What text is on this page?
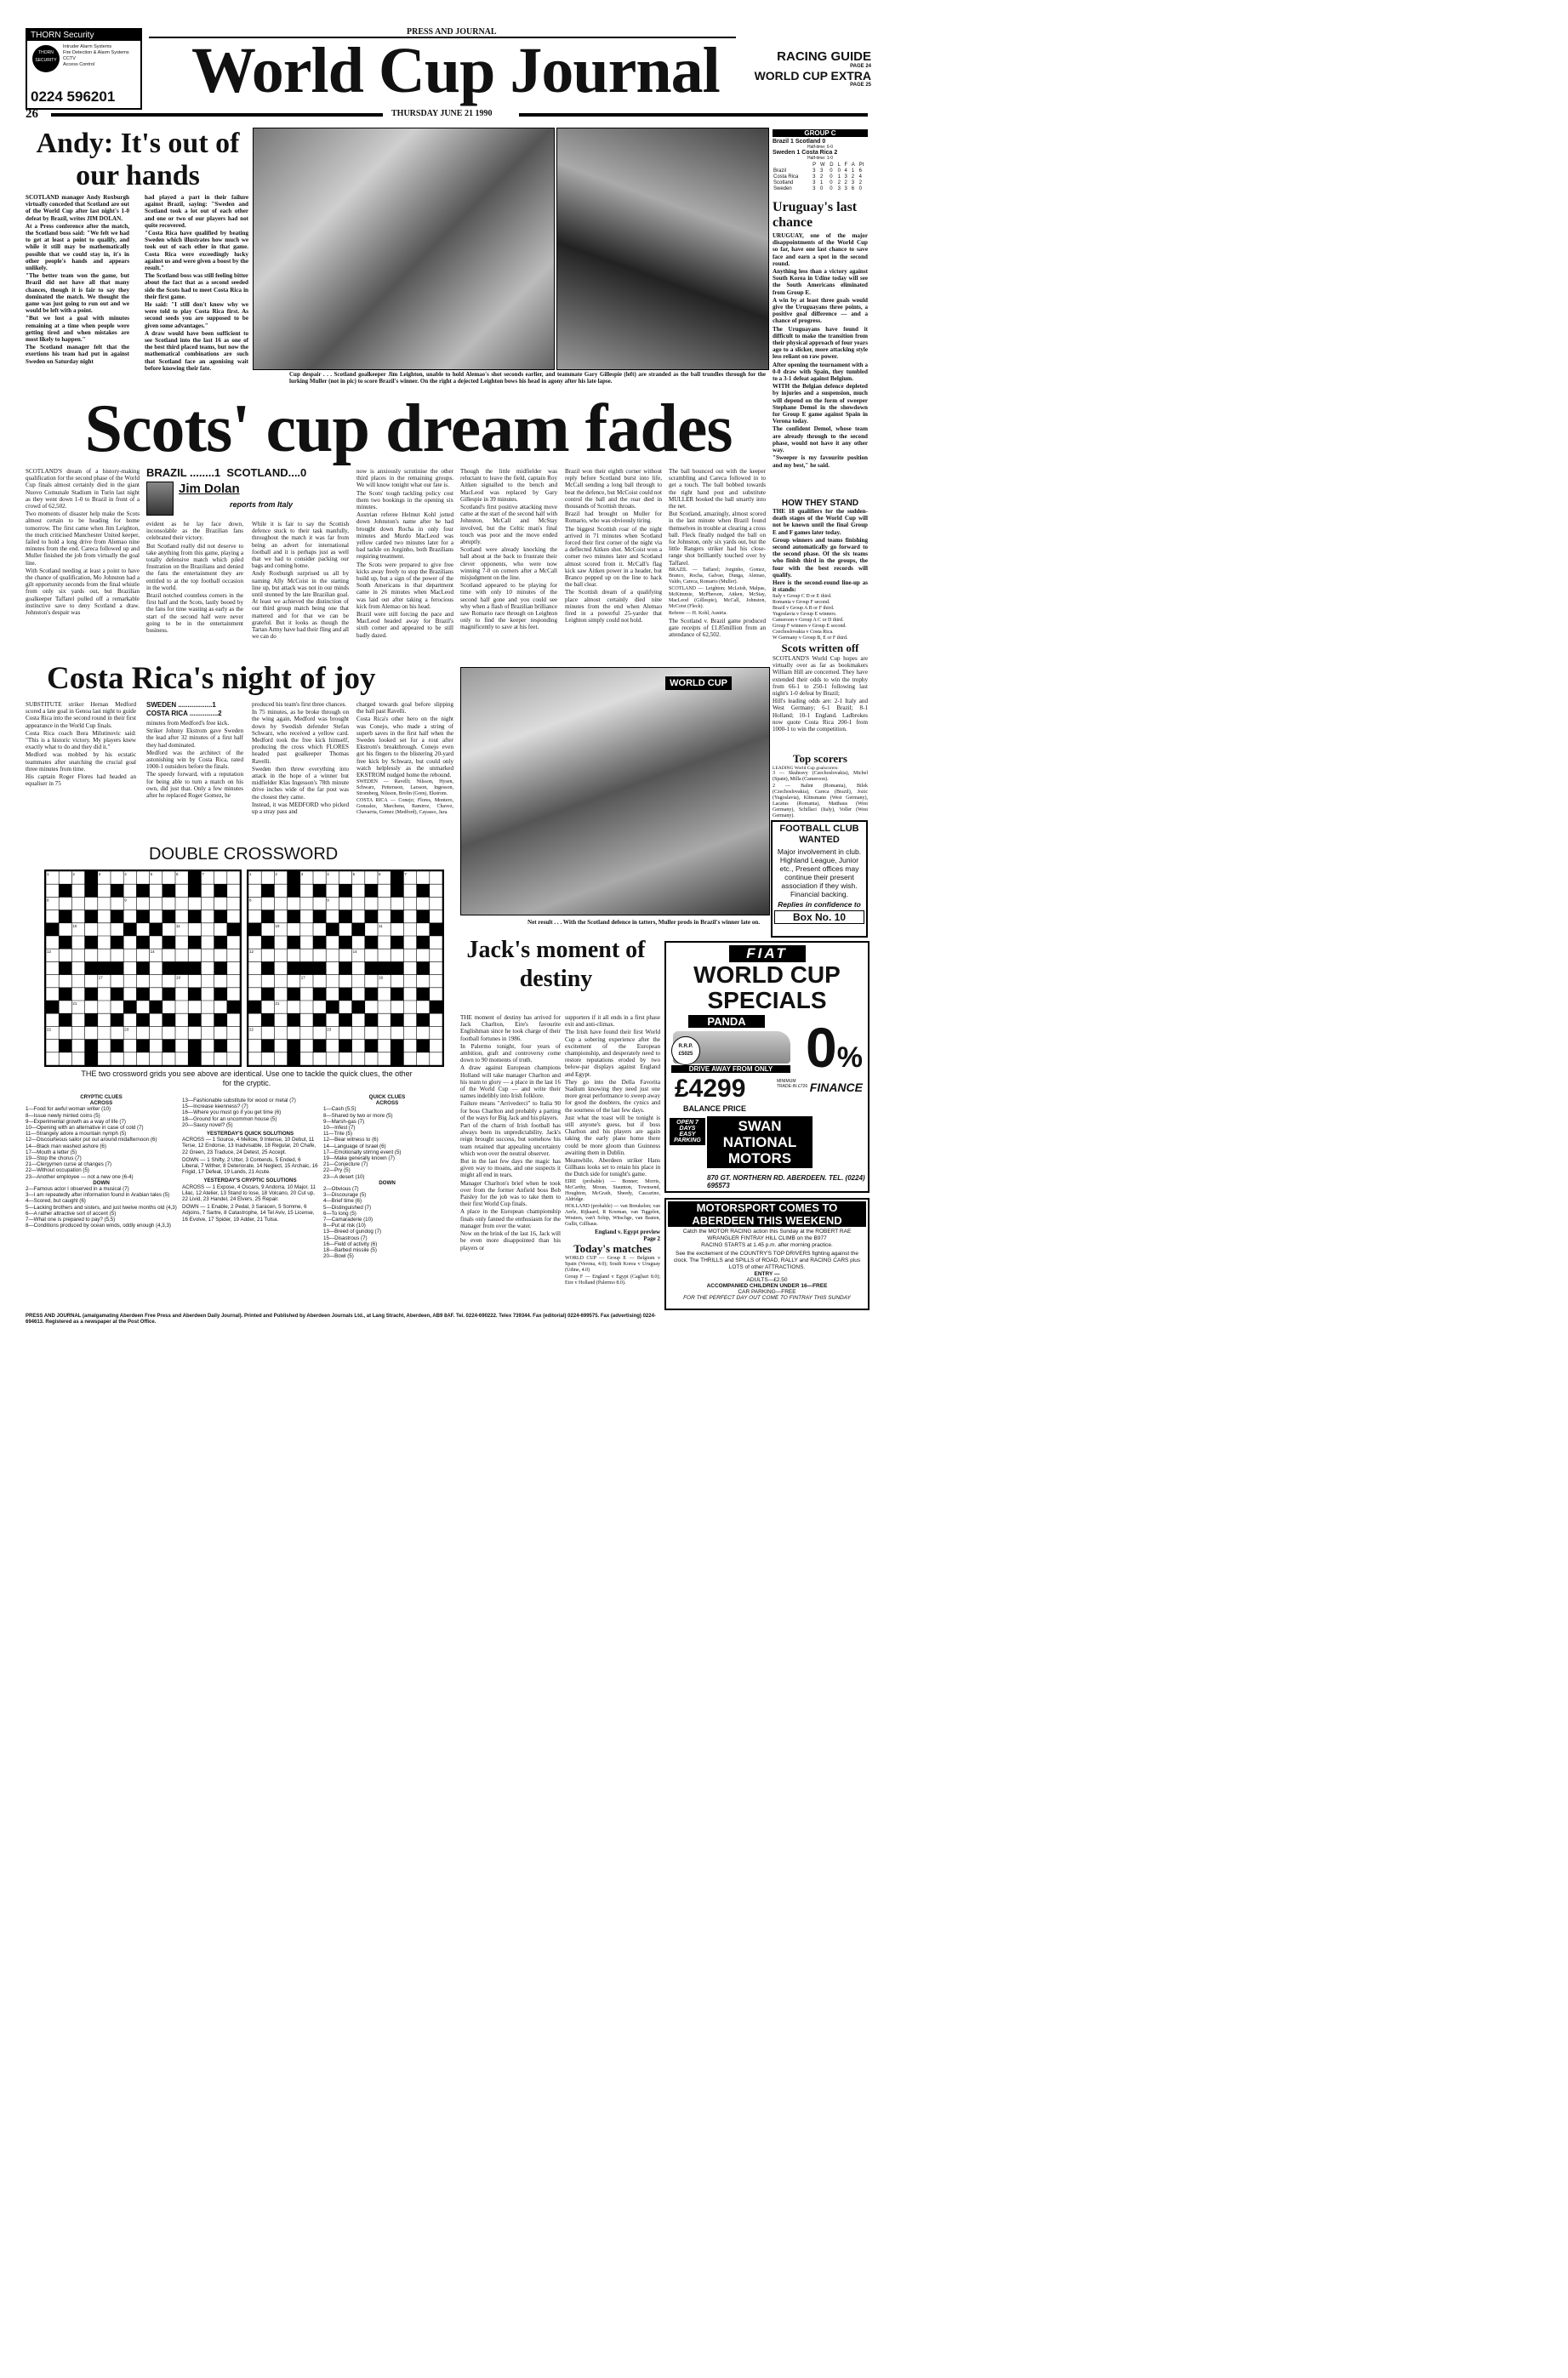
THORN Security
THORN SECURITY
Intruder Alarm Systems
Fire Detection & Alarm Systems
CCTV
Access Control
0224 596201
PRESS AND JOURNAL
World Cup Journal	RACING GUIDE
PAGE 24
WORLD CUP EXTRA
PAGE 25
26	THURSDAY JUNE 21 1990
Andy: It's out of our hands

SCOTLAND manager Andy Roxburgh virtually conceded that Scotland are out of the World Cup after last night's 1-0 defeat by Brazil, writes JIM DOLAN.

At a Press conference after the match, the Scotland boss said: "We felt we had to get at least a point to qualify, and while it still may be mathematically possible that we could stay in, it's in other people's hands and appears unlikely.

"The better team won the game, but Brazil did not have all that many chances, though it is fair to say they dominated the match. We thought the game was just going to run out and we would be left with a point.

"But we lost a goal with minutes remaining at a time when people were getting tired and when mistakes are most likely to happen."

The Scotland manager felt that the exertions his team had put in against Sweden on Saturday night

had played a part in their failure against Brazil, saying: "Sweden and Scotland took a lot out of each other and one or two of our players had not quite recovered.

"Costa Rica have qualified by beating Sweden which illustrates how much we took out of each other in that game. Costa Rica were exceedingly lucky against us and were given a boost by the result."

The Scotland boss was still feeling bitter about the fact that as a second seeded side the Scots had to meet Costa Rica in their first game.

He said: "I still don't know why we were told to play Costa Rica first. As second seeds you are supposed to be given some advantages."

A draw would have been sufficient to see Scotland into the last 16 as one of the best third placed teams, but now the mathematical combinations are such that Scotland face an agonising wait before knowing their fate.

Cup despair . . . Scotland goalkeeper Jim Leighton, unable to hold Alemao's shot seconds earlier, and teammate Gary Gillespie (left) are stranded as the ball trundles through for the lurking Muller (not in pic) to score Brazil's winner. On the right a dejected Leighton bows his head in agony after his late lapse.

GROUP C
Brazil 1 Scotland 0
Half-time: 0-0
Sweden 1 Costa Rica 2
Half-time: 1-0
	P	W	D	L	F	A	Pt
Brazil	3	3	0	0	4	1	6
Costa Rica	3	2	0	1	3	2	4
Scotland	3	1	0	2	2	3	2
Sweden	3	0	0	3	3	6	0
Uruguay's last chance

URUGUAY, one of the major disappointments of the World Cup so far, have one last chance to save face and earn a spot in the second round.

Anything less than a victory against South Korea in Udine today will see the South Americans eliminated from Group E.

A win by at least three goals would give the Uruguayans three points, a positive goal difference — and a chance of progress.

The Uruguayans have found it difficult to make the transition from their physical approach of four years ago to a slicker, more attacking style less reliant on raw power.

After opening the tournament with a 0-0 draw with Spain, they tumbled to a 3-1 defeat against Belgium.

WITH the Belgian defence depleted by injuries and a suspension, much will depend on the form of sweeper Stephane Demol in the showdown for Group E game against Spain in Verona today.

The confident Demol, whose team are already through to the second phase, would not have it any other way.

"Sweeper is my favourite position and my best," he said.

Scots' cup dream fades

SCOTLAND'S dream of a history-making qualification for the second phase of the World Cup finals almost certainly died in the giant Nuovo Comunale Stadium in Turin last night as they went down 1-0 to Brazil in front of a crowd of 62,502.

Two moments of disaster help make the Scots almost certain to be heading for home tomorrow. The first came when Jim Leighton, the much criticised Manchester United keeper, failed to hold a long drive from Alemao nine minutes from the end. Careca followed up and Muller finished the job from virtually the goal line.

With Scotland needing at least a point to have the chance of qualification, Mo Johnston had a gilt opportunity seconds from the final whistle from only six yards out, but Brazilian goalkeeper Taffarel pulled off a remarkable instinctive save to deny Scotland a draw. Johnston's despair was

BRAZIL ........1  SCOTLAND....0
Jim Dolan
reports from Italy

evident as he lay face down, inconsolable as the Brazilian fans celebrated their victory.

But Scotland really did not deserve to take anything from this game, playing a totally defensive match which piled frustration on the Brazilians and denied the fans the entertainment they are entitled to at the top football occasion in the world.

Brazil notched countless corners in the first half and the Scots, lastly booed by the fans for time wasting as early as the start of the second half were never going to be in the entertainment business.

While it is fair to say the Scottish defence stuck to their task manfully, throughout the match it was far from being an advert for international football and it is perhaps just as well that we had to consider packing our bags and coming home.

Andy Roxburgh surprised us all by naming Ally McCoist in the starting line up, but attack was not in our minds until stunned by the late Brazilian goal. At least we achieved the distinction of our third group match being one that mattered and for that we can be grateful. But it looks as though the Tartan Army have had their fling and all we can do

now is anxiously scrutinise the other third places in the remaining groups. We will know tonight what our fate is.

The Scots' tough tackling policy cost them two bookings in the opening six minutes.

Austrian referee Helmut Kohl jotted down Johnston's name after he had brought down Rocha in only four minutes and Murdo MacLeod was yellow carded two minutes later for a bad tackle on Jorginho, both Brazilians requiring treatment.

The Scots were prepared to give free kicks away freely to stop the Brazilians build up, but a sign of the power of the South Americans in that department came in 26 minutes when MacLeod was laid out after taking a ferocious kick from Alemao on his head.

Brazil were still forcing the pace and MacLeod headed away for Brazil's sixth corner and appeared to be still badly dazed.

Though the little midfielder was reluctant to leave the field, captain Roy Aitken signalled to the bench and MacLeod was replaced by Gary Gillespie in 39 minutes.

Scotland's first positive attacking move came at the start of the second half with Johnston, McCall and McStay involved, but the Celtic man's final touch was poor and the move ended abruptly.

Scotland were already knocking the ball about at the back to frustrate their clever opponents, who were now winning 7-0 on corners after a McCall misjudgment on the line.

Scotland appeared to be playing for time with only 10 minutes of the second half gone and you could see why when a flash of Brazilian brilliance saw Romario race through on Leighton only to find the keeper responding magnificently to save at his feet.

Brazil won their eighth corner without reply before Scotland burst into life, McCall sending a long ball through to beat the defence, but McCoist could not control the ball and the roar died in thousands of Scottish throats.

Brazil had brought on Muller for Romario, who was obviously tiring.

The biggest Scottish roar of the night arrived in 71 minutes when Scotland forced their first corner of the night via a deflected Aitken shot. McCoist won a corner two minutes later and Scotland almost scored from it. McCall's flag kick saw Aitken power in a header, but Branco popped up on the line to hack the ball clear.

The Scottish dream of a qualifying place almost certainly died nine minutes from the end when Alemao fired in a powerful 25-yarder that Leighton simply could not hold.

The ball bounced out with the keeper scrambling and Careca followed in to get a touch. The ball bobbed towards the right hand post and substitute MULLER hooked the ball smartly into the net.

But Scotland, amazingly, almost scored in the last minute when Brazil found themselves in trouble at clearing a cross ball. Fleck finally nudged the ball on for Johnston, only six yards out, but the little Rangers striker had his close-range shot brilliantly touched over by Taffarel.

BRAZIL — Taffarel; Jorginho, Gomez, Branco, Rocha, Galvao, Dunga, Alemao, Valdo, Careca, Romario (Muller).

SCOTLAND — Leighton; McLeish, Malpas, McKimmie, McPherson, Aitken, McStay, MacLeod (Gillespie), McCall, Johnston, McCoist (Fleck).

Referee — H. Kohl, Austria.

The Scotland v. Brazil game produced gate receipts of £1.85million from an attendance of 62,502.

HOW THEY STAND

THE 18 qualifiers for the sudden-death stages of the World Cup will not be known until the final Group E and F games later today.

Group winners and teams finishing second automatically go forward to the second phase. Of the six teams who finish third in the groups, the four with the best records will qualify.

Here is the second-round line-up as it stands:

Italy v Group C D or E third.
Romania v Group F second.
Brazil v Group A B or F third.
Yugoslavia v Group E winners.
Cameroon v Group A C or D third.
Group F winners v Group E second.
Czechoslovakia v Costa Rica.
W Germany v Group B, E or F third.
Scots written off

SCOTLAND'S World Cup hopes are virtually over as far as bookmakers William Hill are concerned. They have extended their odds to win the trophy from 66-1 to 250-1 following last night's 1-0 defeat by Brazil;

Hill's leading odds are: 2-1 Italy and West Germany; 6-1 Brazil; 8-1 Holland; 10-1 England. Ladbrokes now quote Costa Rica 200-1 from 1000-1 to win the competition.

Top scorers
LEADING World Cup goalscorers:

3 — Skuhravy (Czechoslovakia), Michel (Spain), Milla (Cameroon).

2 — Balint (Romania), Bilek (Czechoslovakia), Careca (Brazil), Jozic (Yugoslavia), Klinsmann (West Germany), Lacatus (Romania), Matthaus (West Germany), Schillaci (Italy), Voller (West Germany).

FOOTBALL CLUB WANTED
Major involvement in club. Highland League, Junior etc., Present offices may continue their present association if they wish. Financial backing.
Replies in confidence to
Box No. 10
Costa Rica's night of joy

SUBSTITUTE striker Hernan Medford scored a late goal in Genoa last night to guide Costa Rica into the second round in their first appearance in the World Cup finals.

Costa Rica coach Bora Milutinovic said: "This is a historic victory. My players knew exactly what to do and they did it."

Medford was mobbed by his ecstatic teammates after snatching the crucial goal three minutes from time.

His captain Roger Flores had headed an equaliser in 75

SWEDEN ..................1
COSTA RICA ...............2

minutes from Medford's free kick.

Striker Johnny Ekstrom gave Sweden the lead after 32 minutes of a first half they had dominated.

Medford was the architect of the astonishing win by Costa Rica, rated 1000-1 outsiders before the finals.

The speedy forward, with a reputation for being able to turn a match on his own, did just that. Only a few minutes after he replaced Roger Gomez, he

produced his team's first three chances.

In 75 minutes, as he broke through on the wing again, Medford was brought down by Swedish defender Stefan Schwarz, who received a yellow card. Medford took the free kick himself, producing the cross which FLORES headed past goalkeeper Thomas Ravelli.

Sweden then threw everything into attack in the hope of a winner but midfielder Klas Ingesson's 78th minute drive inches wide of the far post was the closest they came.

Instead, it was MEDFORD who picked up a stray pass and

charged towards goal before slipping the ball past Ravelli.

Costa Rica's other hero on the night was Conejo, who made a string of superb saves in the first half when the Swedes looked set for a rout after Ekstrom's breakthrough. Conejo even got his fingers to the blistering 20-yard free kick by Schwarz, but could only watch helplessly as the unmarked EKSTROM nudged home the rebound.

SWEDEN — Ravelli; Nilsson, Hysen, Schwarz, Pettersson, Larsson, Ingesson, Stromberg, Nilsson, Brolin (Gren), Ekstrom.

COSTA RICA — Conejo; Flores, Montero, Gonzalez, Marchena, Ramirez, Chavez, Chavarria, Gomez (Medford), Cayasso, Jara.

WORLD CUP

Net result . . . With the Scotland defence in tatters, Muller prods in Brazil's winner late on.

DOUBLE CROSSWORD
1	2	3	4	5	6	7
8	9
10	11
12	14
17	19
21
22	23
1	2	3	4	5	6	7
8	9
10	11
12	14
17	19
21
22	23
THE two crossword grids you see above are identical. Use one to tackle the quick clues, the other for the cryptic.
CRYPTIC CLUES
ACROSS
1—Food for awful woman writer (10)
8—Issue newly minted coins (5)
9—Experimental growth as a way of life (7)
10—Opening with an alternative in case of cold (7)
11—Strangely adore a mountain nymph (5)
12—Discourteous sailor put out around midafternoon (6)
14—Black man washed ashore (6)
17—Mouth a letter (5)
19—Stop the chorus (7)
21—Clergymen curse at changes (7)
22—Without occupation (5)
23—Another employee — not a new one (6-4)
DOWN
2—Famous actor I observed in a musical (7)
3—I am repeatedly after information found in Arabian tales (5)
4—Scored, but caught (6)
5—Lacking brothers and sisters, and just twelve months old (4,3)
6—A rather attractive sort of accent (5)
7—What one is prepared to pay? (5,5)
8—Conditions produced by ocean winds, oddly enough (4,3,3)
13—Fashionable substitute for wood or metal (7)
15—Increase keenness? (7)
16—Where you must go if you get time (6)
18—Ground for an uncommon house (5)
20—Saucy novel? (5)
YESTERDAY'S QUICK SOLUTIONS
ACROSS — 1 Source, 4 Mellow, 9 Intense, 10 Debut, 11 Terse, 12 Endorse, 13 Inadvisable, 18 Regular, 20 Chafe, 22 Green, 23 Traduce, 24 Detest, 25 Accept.
DOWN — 1 Shifty, 2 Utter, 3 Contends, 5 Ended, 6 Liberal, 7 Wither, 8 Deteriorate, 14 Neglect, 15 Archaic, 16 Frigid, 17 Defeat, 19 Lands, 21 Acute.
YESTERDAY'S CRYPTIC SOLUTIONS
ACROSS — 1 Expose, 4 Oscars, 9 Andorra, 10 Major, 11 Lilac, 12 Atelier, 13 Stand to lose, 18 Volcano, 20 Cut up, 22 Livid, 23 Handel, 24 Elvers, 25 Repair.
DOWN — 1 Enable, 2 Pedal, 3 Saracen, 5 Somme, 6 Adjoins, 7 Sartre, 8 Catastrophe, 14 Tel Aviv, 15 License, 16 Evolve, 17 Spider, 19 Adder, 21 Tulsa.
QUICK CLUES
ACROSS
1—Cash (5,5)
8—Shared by two or more (5)
9—Marsh-gas (7)
10—Infest (7)
11—Trite (5)
12—Bear witness to (6)
14—Language of Israel (6)
17—Emotionally stirring event (5)
19—Make generally known (7)
21—Conjecture (7)
22—Pry (5)
23—A desert (10)
DOWN
2—Obvious (7)
3—Discourage (5)
4—Brief time (6)
5—Distinguished (7)
6—To long (5)
7—Camaraderie (10)
8—Put at risk (10)
13—Breed of gundog (7)
15—Disastrous (7)
16—Field of activity (6)
18—Barbed missile (5)
20—Bowl (5)
Jack's moment of destiny

THE moment of destiny has arrived for Jack Charlton, Eire's favourite Englishman since he took charge of their football fortunes in 1986.

In Palermo tonight, four years of ambition, graft and controversy come down to 90 moments of truth.

A draw against European champions Holland will take manager Charlton and his team to glory — a place in the last 16 of the World Cup — and write their names indelibly into Irish folklore.

Failure means "Arrivederci" to Italia 90 for boss Charlton and probably a parting of the ways for Big Jack and his players.

Part of the charm of Irish football has always been its unpredictability. Jack's reign brought success, but somehow his team retained that appealing uncertainty which won over the neutral observer.

But in the last few days the magic has given way to moans, and one suspects it might all end in tears.

Manager Charlton's brief when he took over from the former Anfield boss Bob Paisley for the job was to take them to their first World Cup finals.

A place in the European championship finals only fanned the enthusiasm for the manager from over the water.

Now on the brink of the last 16, Jack will be even more disappointed than his players or

supporters if it all ends in a first phase exit and anti-climax.

The Irish have found their first World Cup a sobering experience after the excitement of the European championship, and desperately need to restore reputations eroded by two below-par displays against England and Egypt.

They go into the Della Favorita Stadium knowing they need just one more great performance to sweep away for good the doubters, the cynics and the sourness of the last few days.

Just what the toast will be tonight is still anyone's guess, but if boss Charlton and his players are again taking the early plane home there could be more gloom than Guinness awaiting them in Dublin.

Meanwhile, Aberdeen striker Hans Gillhaus looks set to retain his place in the Dutch side for tonight's game.

EIRE (probable) — Bonner; Morris, McCarthy, Moran, Staunton, Townsend, Houghton, McGrath, Sheedy, Cascarino, Aldridge.

HOLLAND (probable) — van Breukelen; van Aerle, Rijkaard, R Koeman, van Tiggelen, Wouters, van't Schip, Witschge, van Basten, Gullit, Gillhaus.

England v. Egypt preview
Page 2
Today's matches

WORLD CUP — Group E — Belgium v Spain (Verona, 4.0); South Korea v Uruguay (Udine, 4.0)

Group F — England v Egypt (Cagliari 8.0); Eire v Holland (Palermo 8.0).

FIAT
WORLD CUP
SPECIALS
PANDA
R.R.P.
£5025 0%
FINANCE
DRIVE AWAY FROM ONLY
£4299	MINIMUM TRADE-IN £726
BALANCE PRICE
OPEN 7 DAYS EASY PARKING
SWAN
NATIONAL
MOTORS
870 GT. NORTHERN RD. ABERDEEN. TEL. (0224) 695573
MOTORSPORT COMES TO
ABERDEEN THIS WEEKEND
Catch the MOTOR RACING action this Sunday at the ROBERT RAE WRANGLER FINTRAY HILL CLIMB on the B977
RACING STARTS at 1.45 p.m. after morning practice.
See the excitement of the COUNTRY'S TOP DRIVERS fighting against the clock. The THRILLS and SPILLS of ROAD, RALLY and RACING CARS plus LOTS of other ATTRACTIONS.
ENTRY —
ADULTS—£2.50
ACCOMPANIED CHILDREN UNDER 16—FREE
CAR PARKING—FREE
FOR THE PERFECT DAY OUT COME TO FINTRAY THIS SUNDAY
PRESS AND JOURNAL (amalgamating Aberdeen Free Press and Aberdeen Daily Journal). Printed and Published by Aberdeen Journals Ltd., at Lang Stracht, Aberdeen, AB9 8AF. Tel. 0224-690222. Telex 739344. Fax (editorial) 0224-699575. Fax (advertising) 0224-694613. Registered as a newspaper at the Post Office.
